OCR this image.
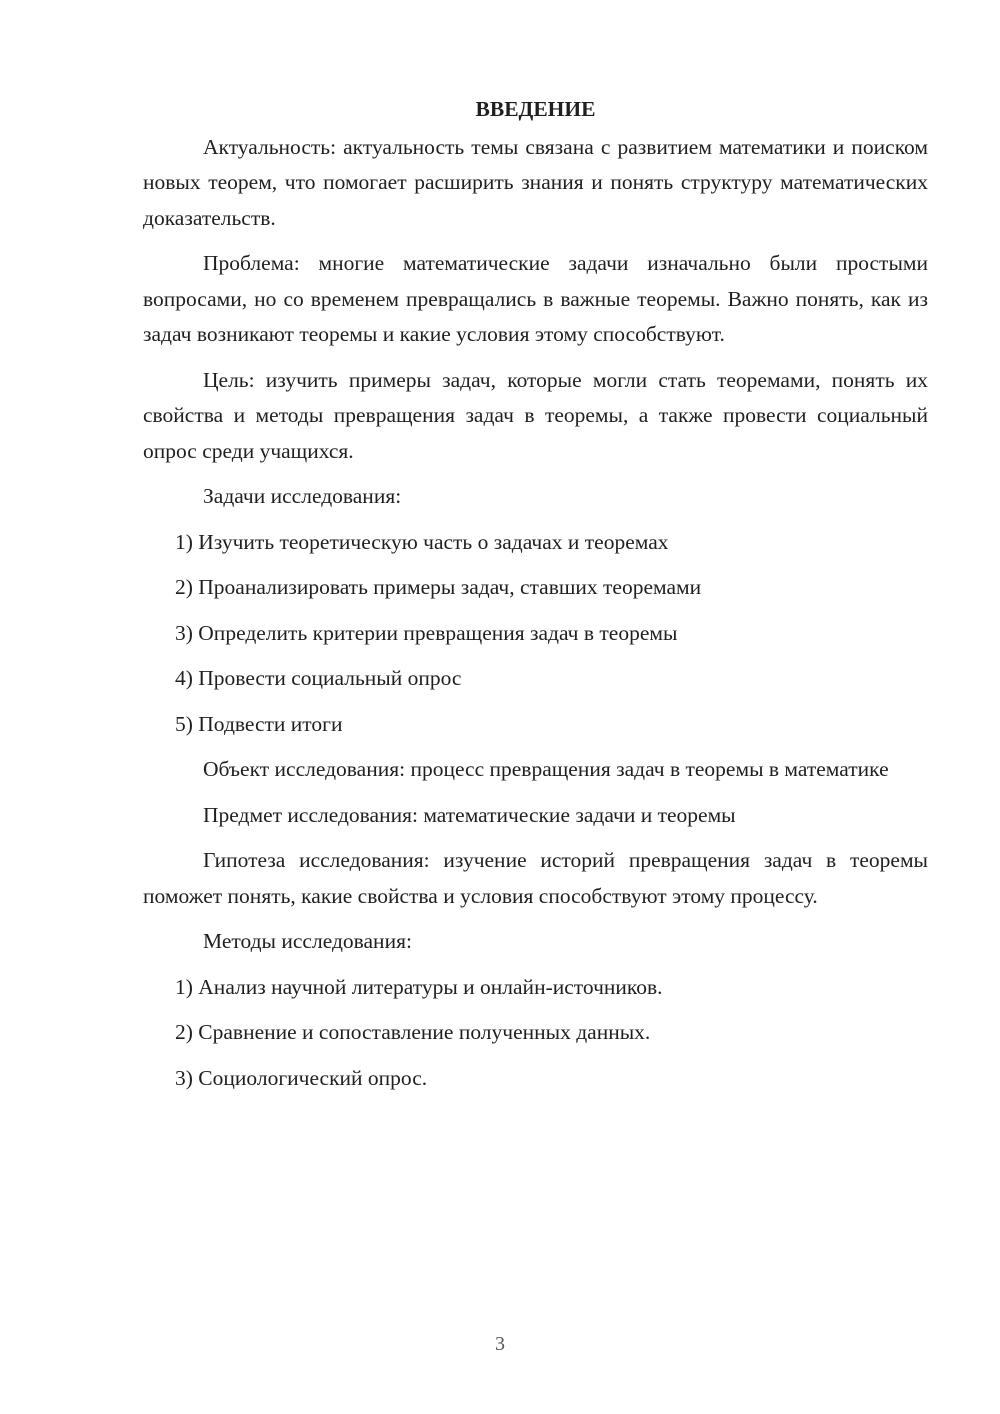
ВВЕДЕНИЕ

Актуальность: актуальность темы связана с развитием математики и поиском новых теорем, что помогает расширить знания и понять структуру математических доказательств.

Проблема: многие математические задачи изначально были простыми вопросами, но со временем превращались в важные теоремы. Важно понять, как из задач возникают теоремы и какие условия этому способствуют.

Цель: изучить примеры задач, которые могли стать теоремами, понять их свойства и методы превращения задач в теоремы, а также провести социальный опрос среди учащихся.

Задачи исследования:

1) Изучить теоретическую часть о задачах и теоремах
2) Проанализировать примеры задач, ставших теоремами
3) Определить критерии превращения задач в теоремы
4) Провести социальный опрос
5) Подвести итоги

Объект исследования: процесс превращения задач в теоремы в математике

Предмет исследования: математические задачи и теоремы

Гипотеза исследования: изучение историй превращения задач в теоремы поможет понять, какие свойства и условия способствуют этому процессу.

Методы исследования:

1) Анализ научной литературы и онлайн-источников.
2) Сравнение и сопоставление полученных данных.
3) Социологический опрос.
3
